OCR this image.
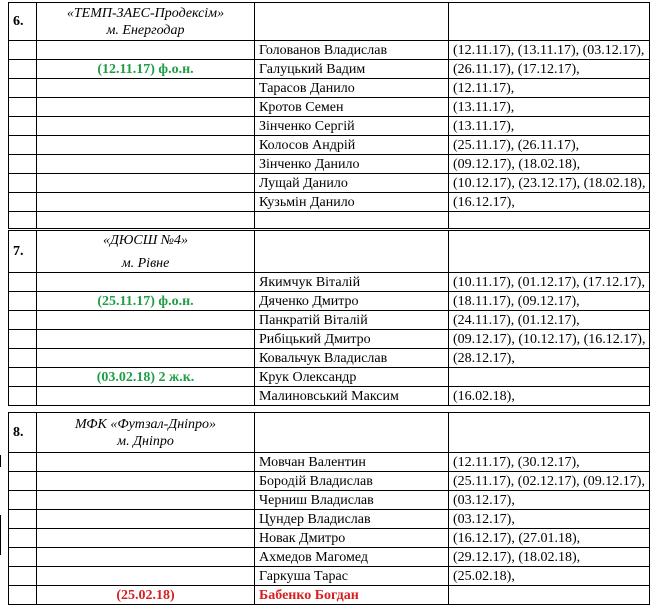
6.	«ТЕМП-ЗАЕС-Продексім»
м. Енергодар		

		Голованов Владислав	(12.11.17), (13.11.17), (03.12.17),
	(12.11.17) ф.о.н.	Галуцький Вадим	(26.11.17), (17.12.17),
		Тарасов Данило	(12.11.17),
		Кротов Семен	(13.11.17),
		Зінченко Сергій	(13.11.17),
		Колосов Андрій	(25.11.17), (26.11.17),
		Зінченко Данило	(09.12.17), (18.02.18),
		Лущай Данило	(10.12.17), (23.12.17), (18.02.18),
		Кузьмін Данило	(16.12.17),

7.	«ДЮСШ №4»
м. Рівне		

		Якимчук Віталій	(10.11.17), (01.12.17), (17.12.17),
	(25.11.17) ф.о.н.	Дяченко Дмитро	(18.11.17), (09.12.17),
		Панкратій Віталій	(24.11.17), (01.12.17),
		Рибіцький Дмитро	(09.12.17), (10.12.17), (16.12.17),
		Ковальчук Владислав	(28.12.17),
	(03.02.18) 2 ж.к.	Крук Олександр	
		Малиновський Максим	(16.02.18),
8.	МФК «Футзал-Дніпро»
м. Дніпро		

		Мовчан Валентин	(12.11.17), (30.12.17),
		Бородій Владислав	(25.11.17), (02.12.17), (09.12.17),
		Черниш Владислав	(03.12.17),
		Цундер Владислав	(03.12.17),
		Новак Дмитро	(16.12.17), (27.01.18),
		Ахмедов Магомед	(29.12.17), (18.02.18),
		Гаркуша Тарас	(25.02.18),
	(25.02.18)	Бабенко Богдан	
